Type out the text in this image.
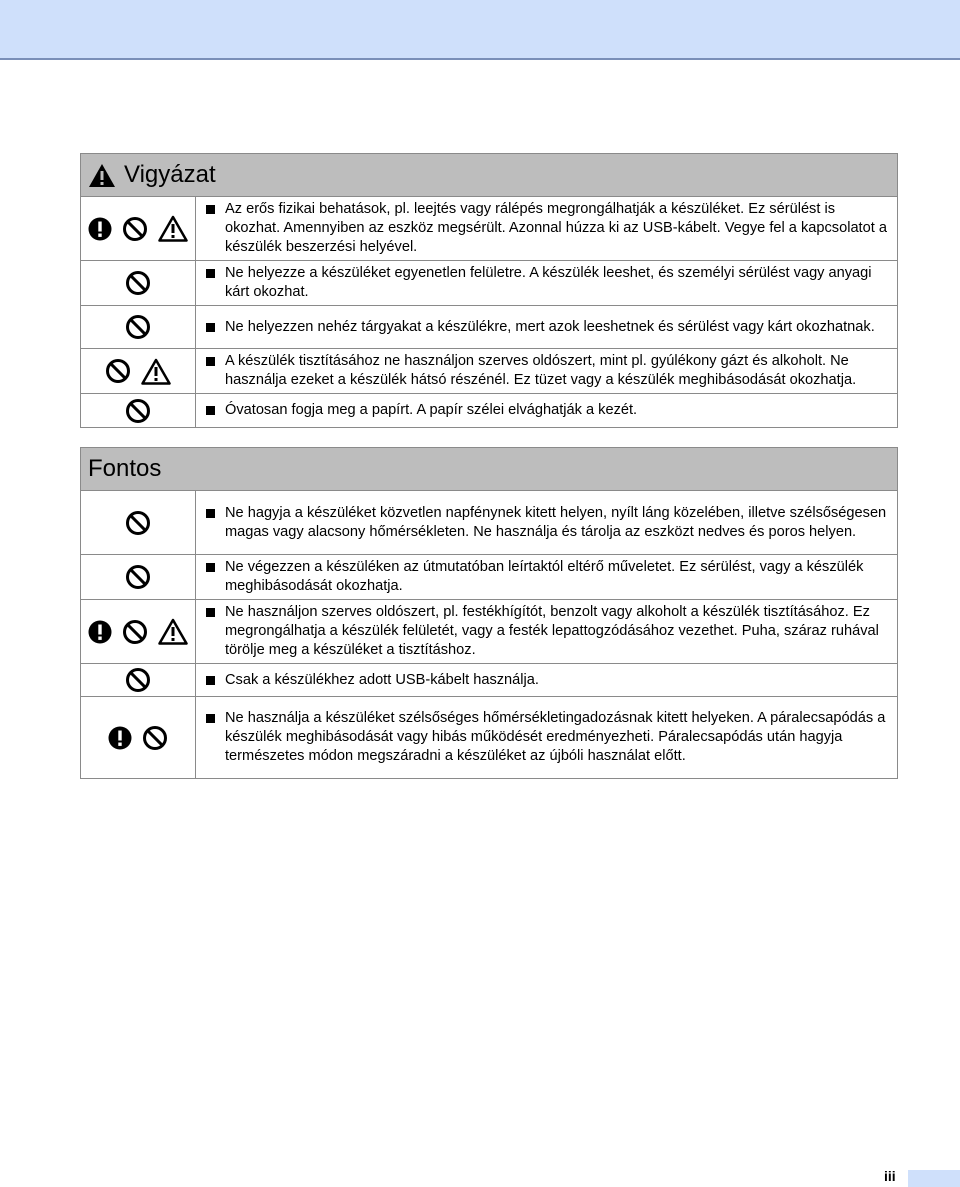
Vigyázat	

Az erős fizikai behatások, pl. leejtés vagy rálépés megrongálhatják a készüléket. Ez sérülést is okozhat. Amennyiben az eszköz megsérült. Azonnal húzza ki az USB-kábelt. Vegye fel a kapcsolatot a készülék beszerzési helyével.

Ne helyezze a készüléket egyenetlen felületre. A készülék leeshet, és személyi sérülést vagy anyagi kárt okozhat.

Ne helyezzen nehéz tárgyakat a készülékre, mert azok leeshetnek és sérülést vagy kárt okozhatnak.

A készülék tisztításához ne használjon szerves oldószert, mint pl. gyúlékony gázt és alkoholt. Ne használja ezeket a készülék hátsó részénél. Ez tüzet vagy a készülék meghibásodását okozhatja.

Óvatosan fogja meg a papírt. A papír szélei elvághatják a kezét.
Fontos	

Ne hagyja a készüléket közvetlen napfénynek kitett helyen, nyílt láng közelében, illetve szélsőségesen magas vagy alacsony hőmérsékleten. Ne használja és tárolja az eszközt nedves és poros helyen.

Ne végezzen a készüléken az útmutatóban leírtaktól eltérő műveletet. Ez sérülést, vagy a készülék meghibásodását okozhatja.

Ne használjon szerves oldószert, pl. festékhígítót, benzolt vagy alkoholt a készülék tisztításához. Ez megrongálhatja a készülék felületét, vagy a festék lepattogzódásához vezethet. Puha, száraz ruhával törölje meg a készüléket a tisztításhoz.

Csak a készülékhez adott USB-kábelt használja.

Ne használja a készüléket szélsőséges hőmérsékletingadozásnak kitett helyeken. A páralecsapódás a készülék meghibásodását vagy hibás működését eredményezheti. Páralecsapódás után hagyja természetes módon megszáradni a készüléket az újbóli használat előtt.
iii
